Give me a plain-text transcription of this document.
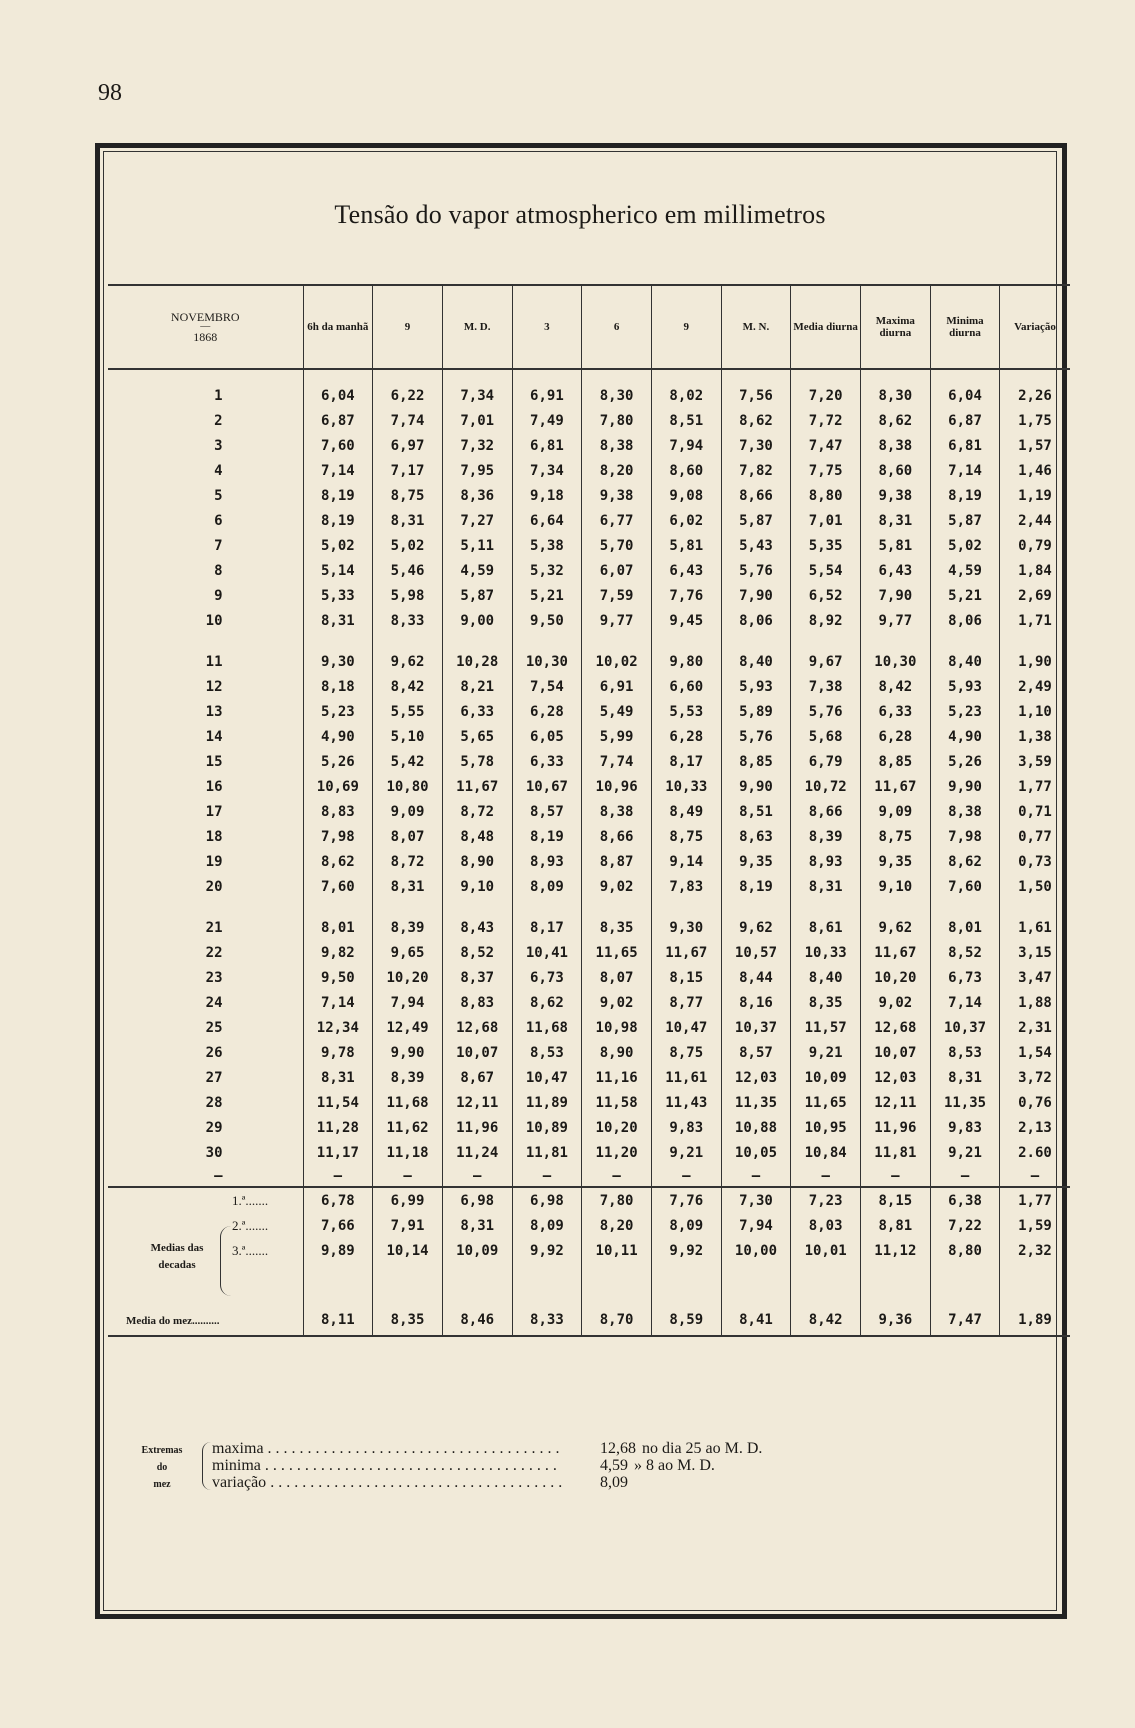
98
Tensão do vapor atmospherico em millimetros
NOVEMBRO
—
1868	6h da manhã	9	M. D.	3	6	9	M. N.	Media diurna	Maxima diurna	Minima diurna	Variação

1	6,04	6,22	7,34	6,91	8,30	8,02	7,56	7,20	8,30	6,04	2,26
2	6,87	7,74	7,01	7,49	7,80	8,51	8,62	7,72	8,62	6,87	1,75
3	7,60	6,97	7,32	6,81	8,38	7,94	7,30	7,47	8,38	6,81	1,57
4	7,14	7,17	7,95	7,34	8,20	8,60	7,82	7,75	8,60	7,14	1,46
5	8,19	8,75	8,36	9,18	9,38	9,08	8,66	8,80	9,38	8,19	1,19
6	8,19	8,31	7,27	6,64	6,77	6,02	5,87	7,01	8,31	5,87	2,44
7	5,02	5,02	5,11	5,38	5,70	5,81	5,43	5,35	5,81	5,02	0,79
8	5,14	5,46	4,59	5,32	6,07	6,43	5,76	5,54	6,43	4,59	1,84
9	5,33	5,98	5,87	5,21	7,59	7,76	7,90	6,52	7,90	5,21	2,69
10	8,31	8,33	9,00	9,50	9,77	9,45	8,06	8,92	9,77	8,06	1,71

11	9,30	9,62	10,28	10,30	10,02	9,80	8,40	9,67	10,30	8,40	1,90
12	8,18	8,42	8,21	7,54	6,91	6,60	5,93	7,38	8,42	5,93	2,49
13	5,23	5,55	6,33	6,28	5,49	5,53	5,89	5,76	6,33	5,23	1,10
14	4,90	5,10	5,65	6,05	5,99	6,28	5,76	5,68	6,28	4,90	1,38
15	5,26	5,42	5,78	6,33	7,74	8,17	8,85	6,79	8,85	5,26	3,59
16	10,69	10,80	11,67	10,67	10,96	10,33	9,90	10,72	11,67	9,90	1,77
17	8,83	9,09	8,72	8,57	8,38	8,49	8,51	8,66	9,09	8,38	0,71
18	7,98	8,07	8,48	8,19	8,66	8,75	8,63	8,39	8,75	7,98	0,77
19	8,62	8,72	8,90	8,93	8,87	9,14	9,35	8,93	9,35	8,62	0,73
20	7,60	8,31	9,10	8,09	9,02	7,83	8,19	8,31	9,10	7,60	1,50

21	8,01	8,39	8,43	8,17	8,35	9,30	9,62	8,61	9,62	8,01	1,61
22	9,82	9,65	8,52	10,41	11,65	11,67	10,57	10,33	11,67	8,52	3,15
23	9,50	10,20	8,37	6,73	8,07	8,15	8,44	8,40	10,20	6,73	3,47
24	7,14	7,94	8,83	8,62	9,02	8,77	8,16	8,35	9,02	7,14	1,88
25	12,34	12,49	12,68	11,68	10,98	10,47	10,37	11,57	12,68	10,37	2,31
26	9,78	9,90	10,07	8,53	8,90	8,75	8,57	9,21	10,07	8,53	1,54
27	8,31	8,39	8,67	10,47	11,16	11,61	12,03	10,09	12,03	8,31	3,72
28	11,54	11,68	12,11	11,89	11,58	11,43	11,35	11,65	12,11	11,35	0,76
29	11,28	11,62	11,96	10,89	10,20	9,83	10,88	10,95	11,96	9,83	2,13
30	11,17	11,18	11,24	11,81	11,20	9,21	10,05	10,84	11,81	9,21	2.60
—	—	—	—	—	—	—	—	—	—	—	—
1.ª.......	6,78	6,99	6,98	6,98	7,80	7,76	7,30	7,23	8,15	6,38	1,77
2.ª.......	7,66	7,91	8,31	8,09	8,20	8,09	7,94	8,03	8,81	7,22	1,59
3.ª.......	9,89	10,14	10,09	9,92	10,11	9,92	10,00	10,01	11,12	8,80	2,32

Media do mez..........	8,11	8,35	8,46	8,33	8,70	8,59	8,41	8,42	9,36	7,47	1,89
Medias das
decadas
Extremas
do
mez
maxima . . .	12,68 no dia 25 ao M. D.
minima . . .	4,59 » 8 ao M. D.
variação . . .	8,09
